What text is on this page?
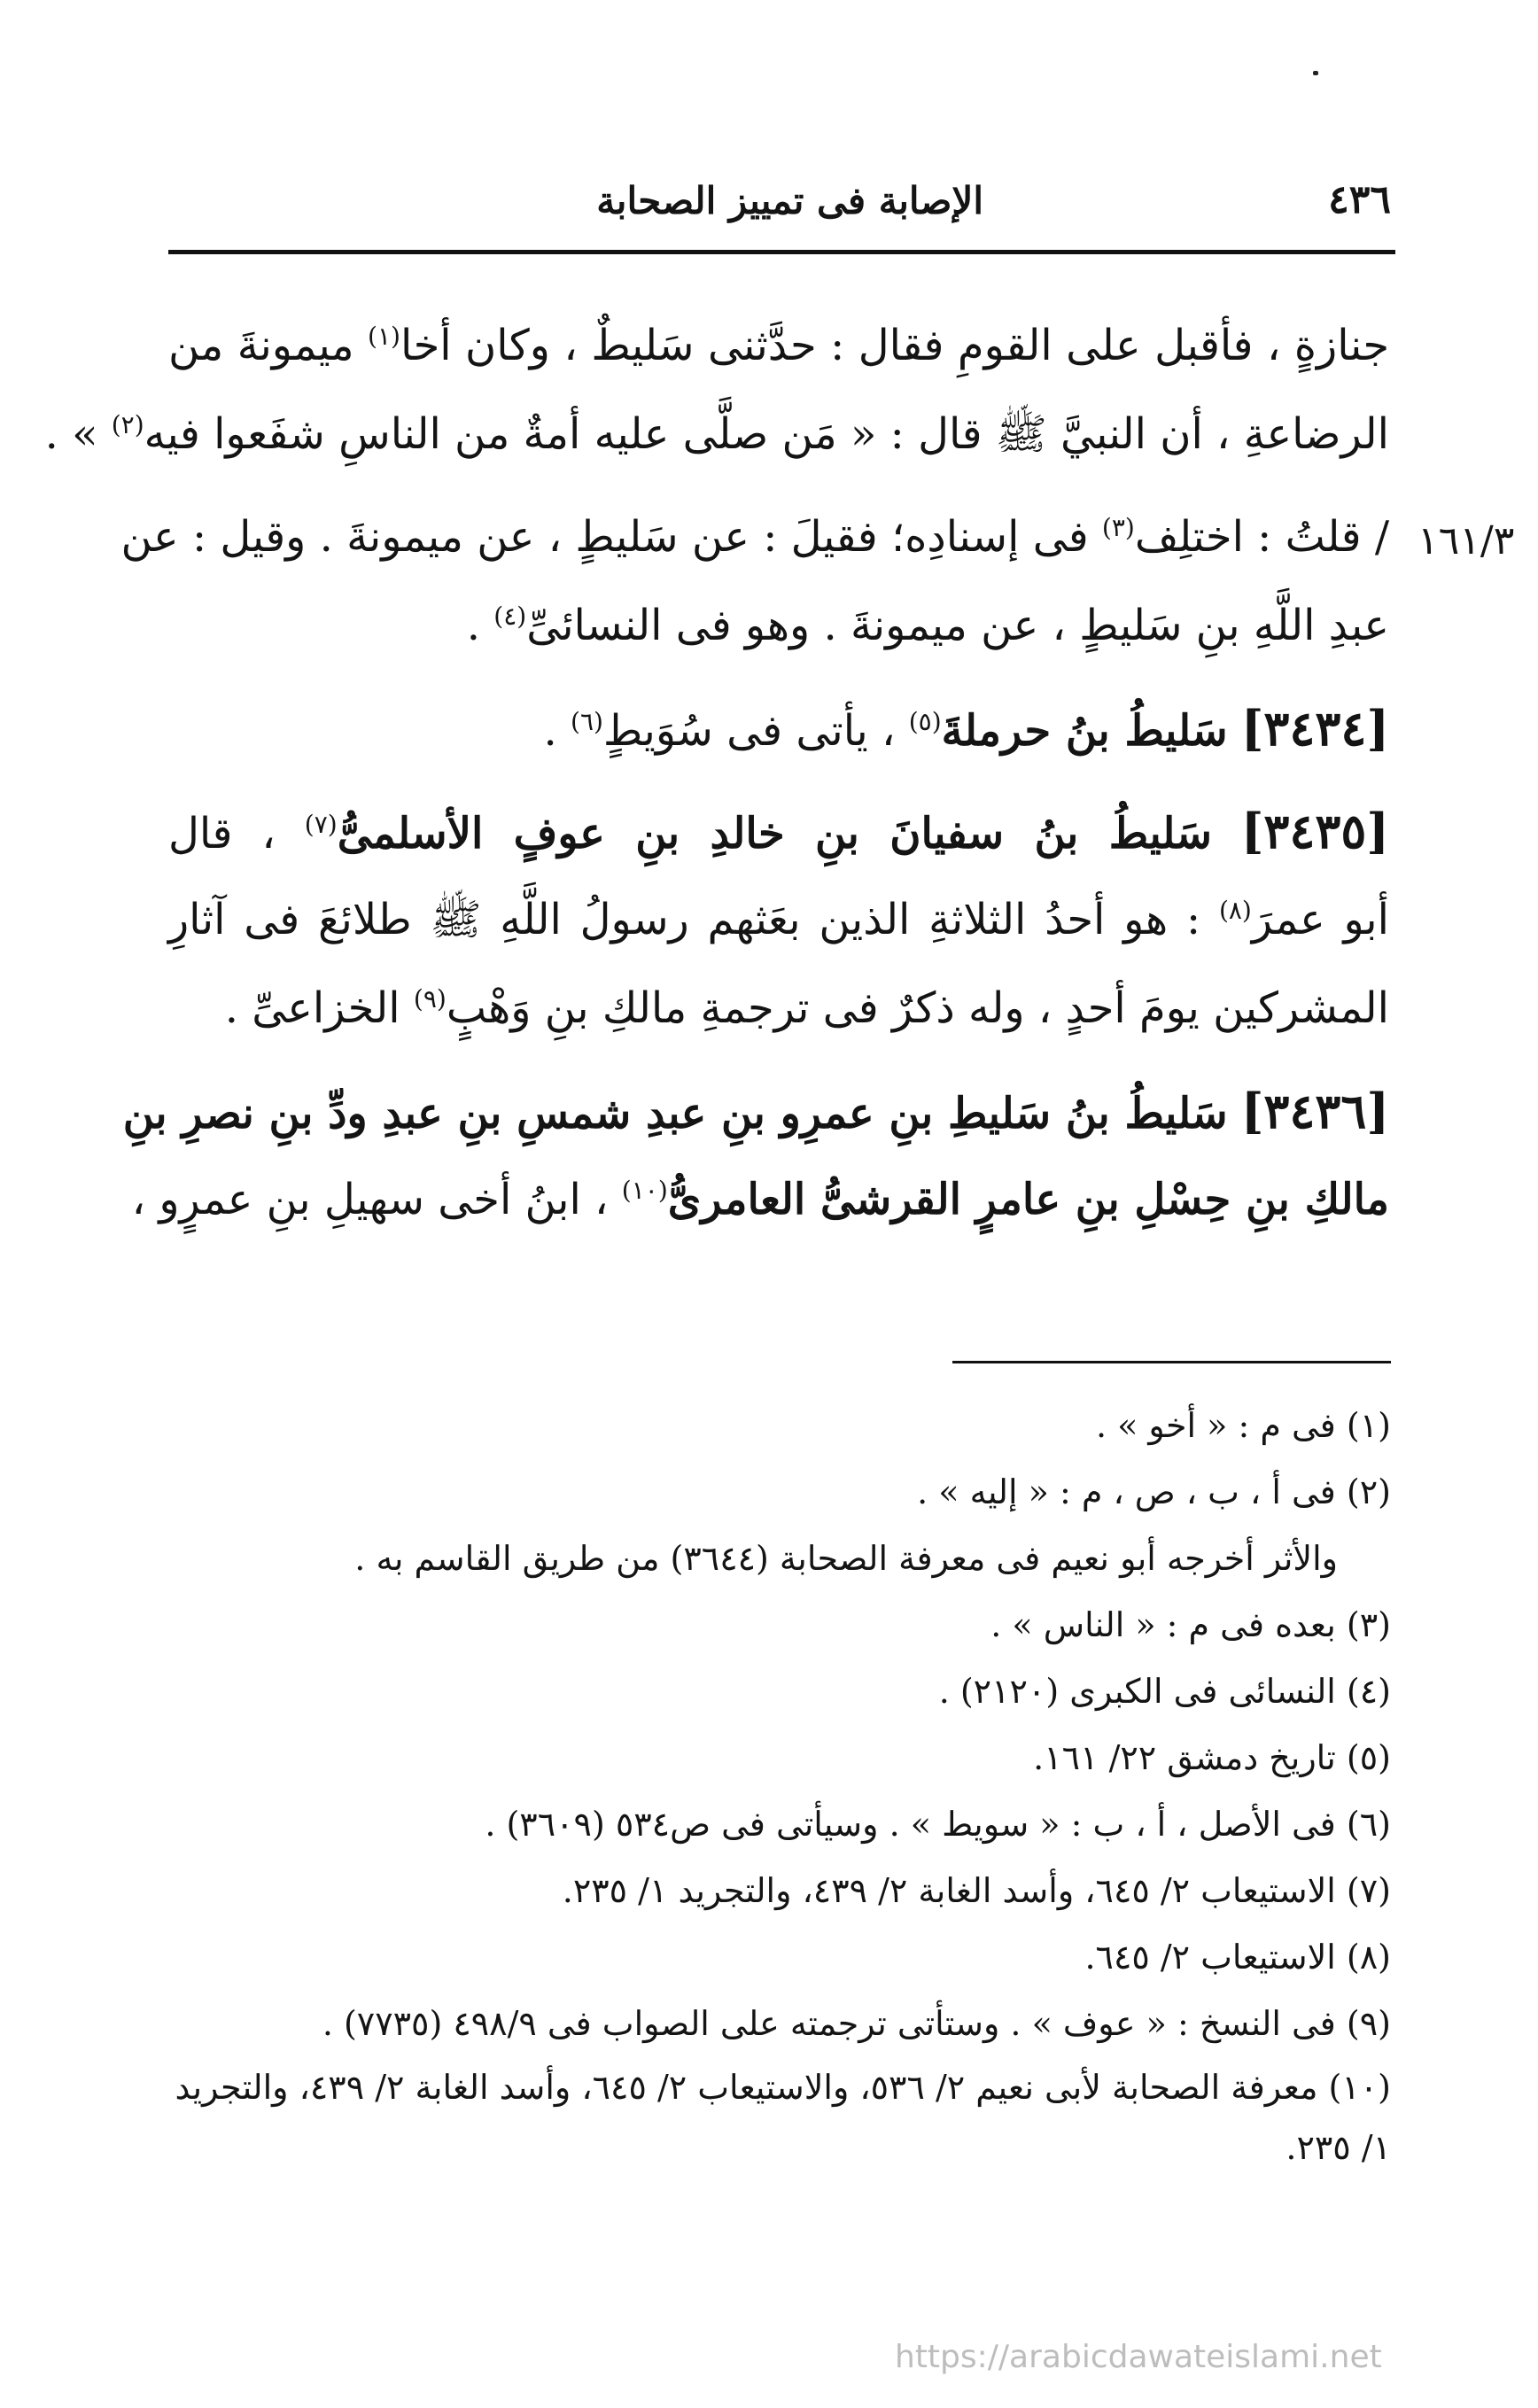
٤٣٦
الإصابة فى تمييز الصحابة
١٦١/٣
جنازةٍ ، فأقبل على القومِ فقال : حدَّثنى سَليطٌ ، وكان أخا$^{(١)}$ ميمونةَ من
الرضاعةِ ، أن النبيَّ ﷺ قال : « مَن صلَّى عليه أمةٌ من الناسِ شفَعوا فيه$^{(٢)}$ » .
/ قلتُ : اختلِف$^{(٣)}$ فى إسنادِه؛ فقيلَ : عن سَليطٍ ، عن ميمونةَ . وقيل : عن
عبدِ اللَّهِ بنِ سَليطٍ ، عن ميمونةَ . وهو فى النسائىِّ$^{(٤)}$ .
[٣٤٣٤] سَليطُ بنُ حرملةَ$^{(٥)}$ ، يأتى فى سُوَيطٍ$^{(٦)}$ .
[٣٤٣٥] سَليطُ بنُ سفيانَ بنِ خالدِ بنِ عوفٍ الأسلمىُّ$^{(٧)}$ ، قال
أبو عمرَ$^{(٨)}$ : هو أحدُ الثلاثةِ الذين بعَثهم رسولُ اللَّهِ ﷺ طلائعَ فى آثارِ
المشركين يومَ أحدٍ ، وله ذكرٌ فى ترجمةِ مالكِ بنِ وَهْبٍ$^{(٩)}$ الخزاعىِّ .
[٣٤٣٦] سَليطُ بنُ سَليطِ بنِ عمرِو بنِ عبدِ شمسِ بنِ عبدِ ودِّ بنِ نصرِ بنِ
مالكِ بنِ حِسْلِ بنِ عامرٍ القرشىُّ العامرىُّ$^{(١٠)}$ ، ابنُ أخى سهيلِ بنِ عمرٍو ،
(١) فى م : « أخو » .
(٢) فى أ ، ب ، ص ، م : « إليه » .
والأثر أخرجه أبو نعيم فى معرفة الصحابة (٣٦٤٤) من طريق القاسم به .
(٣) بعده فى م : « الناس » .
(٤) النسائى فى الكبرى (٢١٢٠) .
(٥) تاريخ دمشق ٢٢/ ١٦١.
(٦) فى الأصل ، أ ، ب : « سويط » . وسيأتى فى ص٥٣٤ (٣٦٠٩) .
(٧) الاستيعاب ٢/ ٦٤٥، وأسد الغابة ٢/ ٤٣٩، والتجريد ١/ ٢٣٥.
(٨) الاستيعاب ٢/ ٦٤٥.
(٩) فى النسخ : « عوف » . وستأتى ترجمته على الصواب فى ٤٩٨/٩ (٧٧٣٥) .
(١٠) معرفة الصحابة لأبى نعيم ٢/ ٥٣٦، والاستيعاب ٢/ ٦٤٥، وأسد الغابة ٢/ ٤٣٩، والتجريد ١/ ٢٣٥.
https://arabicdawateislami.net
